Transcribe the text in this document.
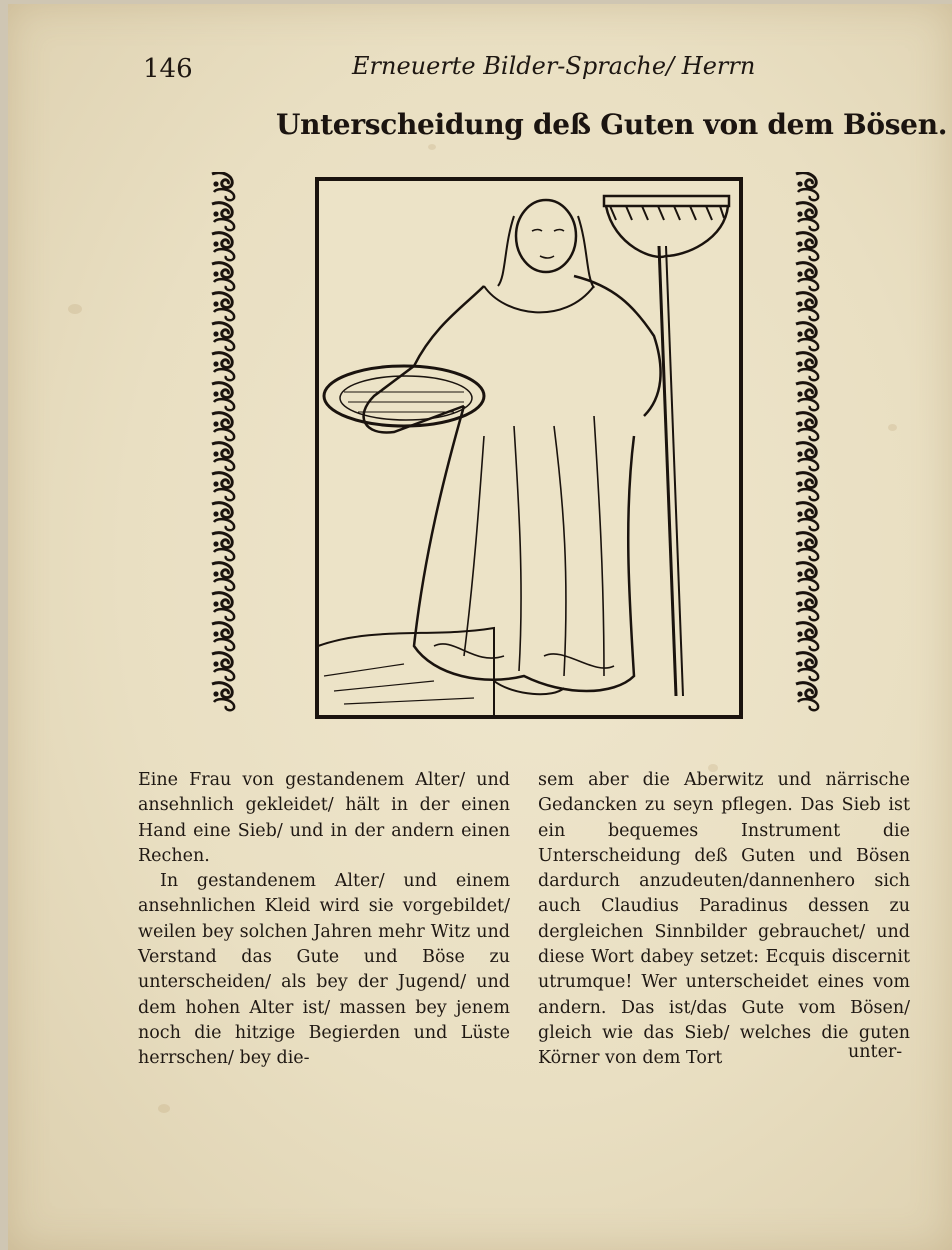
146	Erneuerte Bilder-Sprache/ Herrn
Unterscheidung deß Guten von dem Bösen.

Eine Frau von gestandenem Alter/ und ansehnlich gekleidet/ hält in der einen Hand eine Sieb/ und in der andern einen Rechen.

In gestandenem Alter/ und einem ansehnlichen Kleid wird sie vorgebildet/ weilen bey solchen Jahren mehr Witz und Verstand das Gute und Böse zu unterscheiden/ als bey der Jugend/ und dem hohen Alter ist/ massen bey jenem noch die hitzige Begierden und Lüste herrschen/ bey die-

sem aber die Aberwitz und närrische Gedancken zu seyn pflegen. Das Sieb ist ein bequemes Instrument die Unterscheidung deß Guten und Bösen dardurch anzudeuten/dannenhero sich auch Claudius Paradinus dessen zu dergleichen Sinnbilder gebrauchet/ und diese Wort dabey setzet: Ecquis discernit utrumque! Wer unterscheidet eines vom andern. Das ist/das Gute vom Bösen/ gleich wie das Sieb/ welches die guten Körner von dem Tort	unter-
